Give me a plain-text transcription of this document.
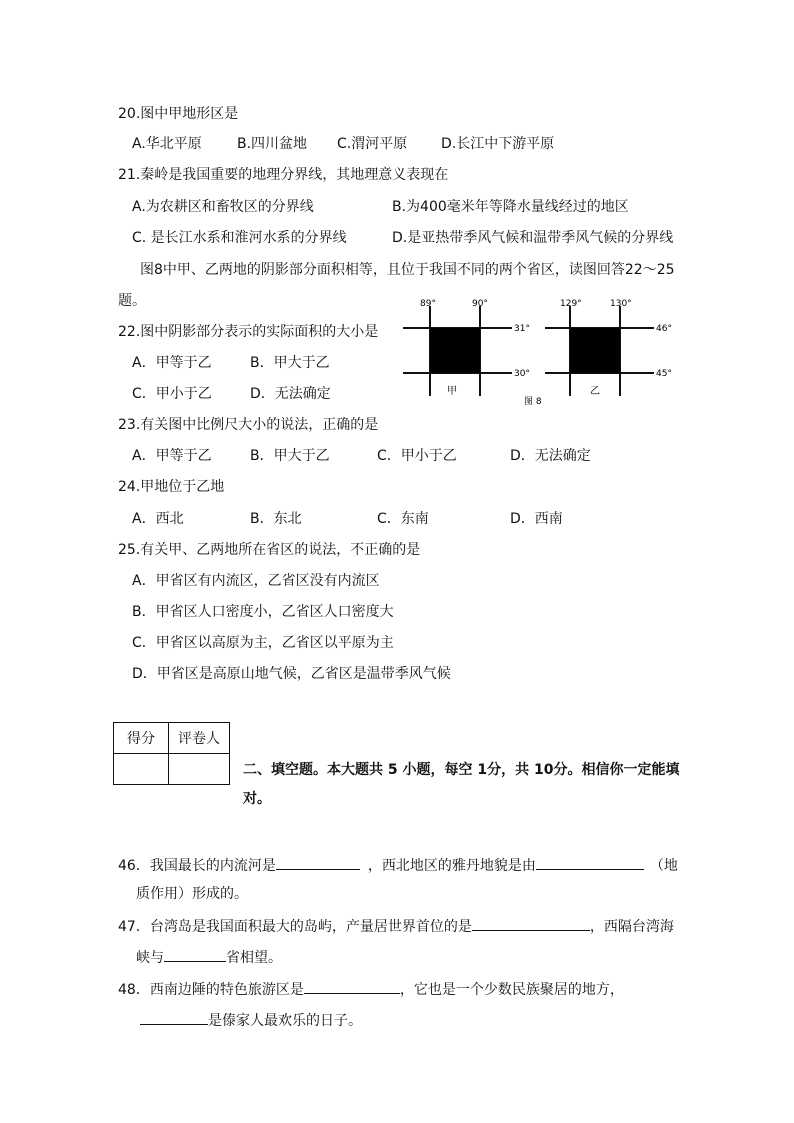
20.图中甲地形区是
A.华北平原	B.四川盆地 C.渭河平原 D.长江中下游平原
21.秦岭是我国重要的地理分界线，其地理意义表现在
A.为农耕区和畜牧区的分界线	B.为400毫米年等降水量线经过的地区
C. 是长江水系和淮河水系的分界线	D.是亚热带季风气候和温带季风气候的分界线
图8中甲、乙两地的阴影部分面积相等，且位于我国不同的两个省区，读图回答22～25
题。
22.图中阴影部分表示的实际面积的大小是
A．甲等于乙	B．甲大于乙
C．甲小于乙	D．无法确定
89°	90°
31°
30°
甲
129°	130°
46°
45°
乙
图 8
23.有关图中比例尺大小的说法，正确的是
A．甲等于乙	B．甲大于乙	C．甲小于乙	D．无法确定
24.甲地位于乙地
A．西北	B．东北	C．东南	D．西南
25.有关甲、乙两地所在省区的说法，不正确的是
A．甲省区有内流区，乙省区没有内流区
B．甲省区人口密度小，乙省区人口密度大
C．甲省区以高原为主，乙省区以平原为主
D．甲省区是高原山地气候，乙省区是温带季风气候
得分	评卷人

二、填空题。本大题共 5 小题，每空 1分，共 10分。相信你一定能填
对。
46．我国最长的内流河是	，西北地区的雅丹地貌是由	（地
质作用）形成的。
47．台湾岛是我国面积最大的岛屿，产量居世界首位的是	，西隔台湾海
峡与	省相望。
48．西南边陲的特色旅游区是	，它也是一个少数民族聚居的地方，
是傣家人最欢乐的日子。
